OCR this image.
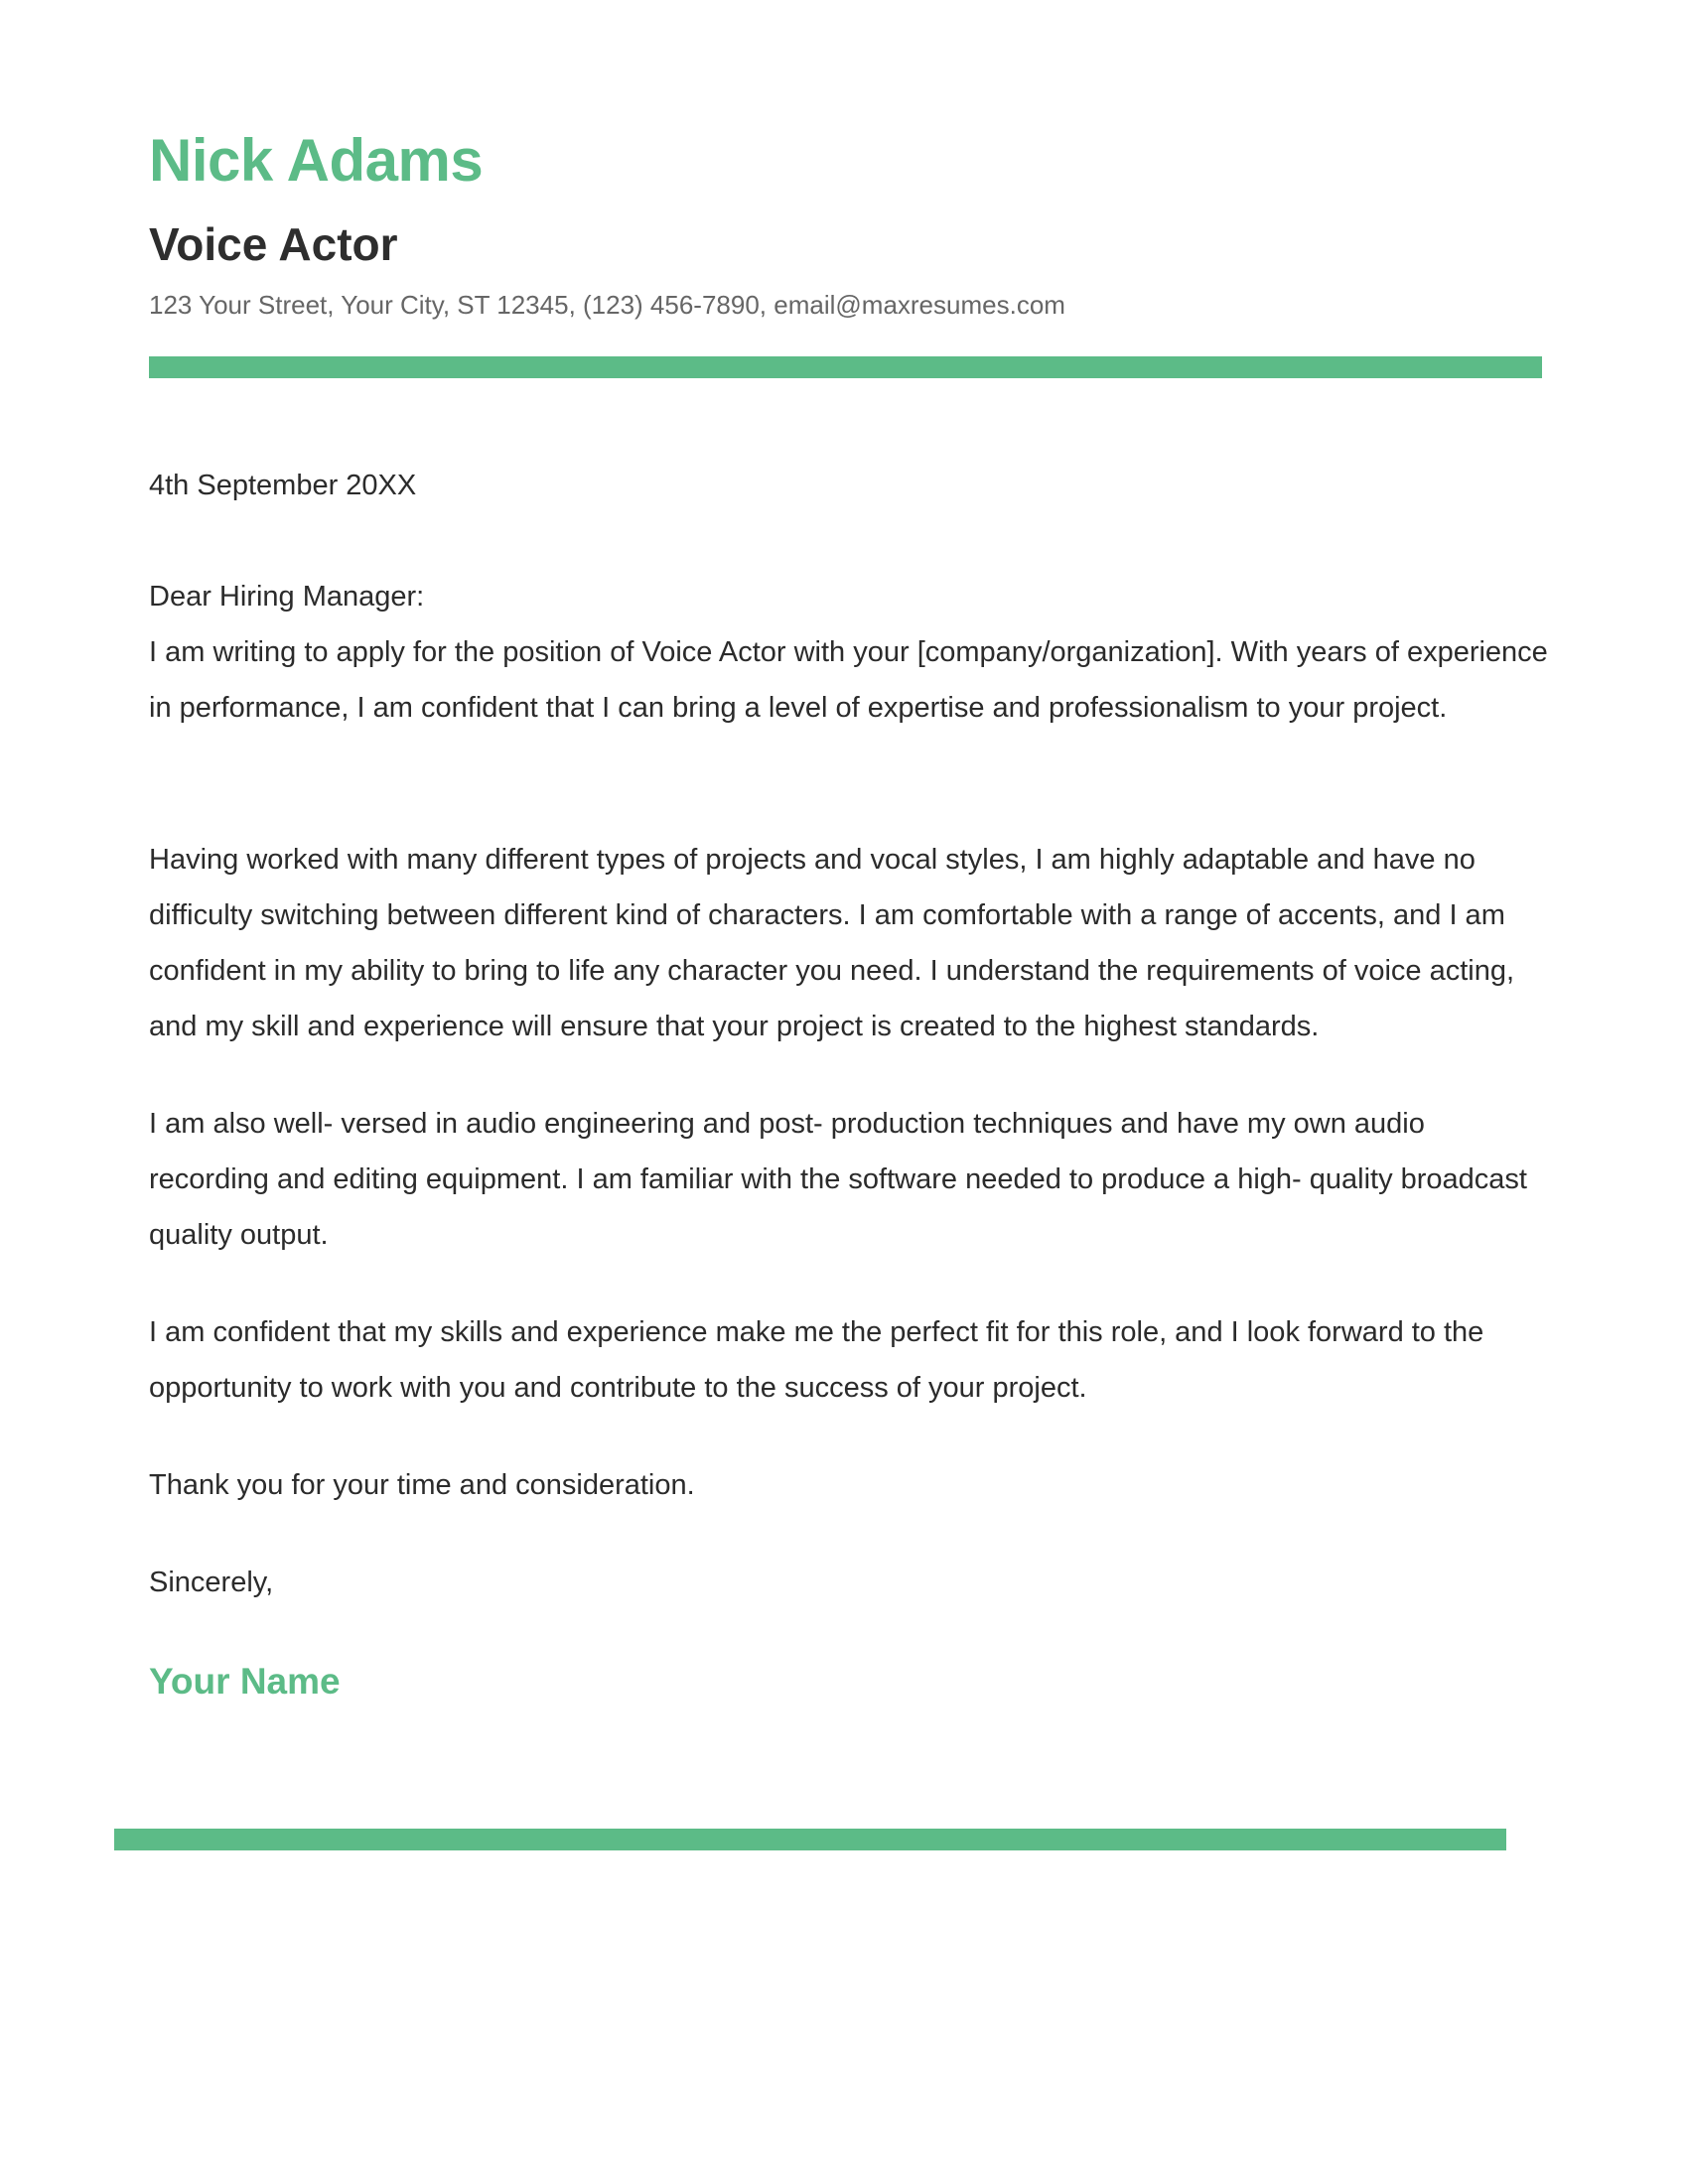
Nick Adams
Voice Actor

123 Your Street, Your City, ST 12345, (123) 456-7890, email@maxresumes.com

4th September 20XX

Dear Hiring Manager:

I am writing to apply for the position of Voice Actor with your [company/organization]. With years of experience in performance, I am confident that I can bring a level of expertise and professionalism to your project.

Having worked with many different types of projects and vocal styles, I am highly adaptable and have no difficulty switching between different kind of characters. I am comfortable with a range of accents, and I am confident in my ability to bring to life any character you need. I understand the requirements of voice acting, and my skill and experience will ensure that your project is created to the highest standards.

I am also well- versed in audio engineering and post- production techniques and have my own audio recording and editing equipment. I am familiar with the software needed to produce a high- quality broadcast quality output.

I am confident that my skills and experience make me the perfect fit for this role, and I look forward to the opportunity to work with you and contribute to the success of your project.

Thank you for your time and consideration.

Sincerely,

Your Name
